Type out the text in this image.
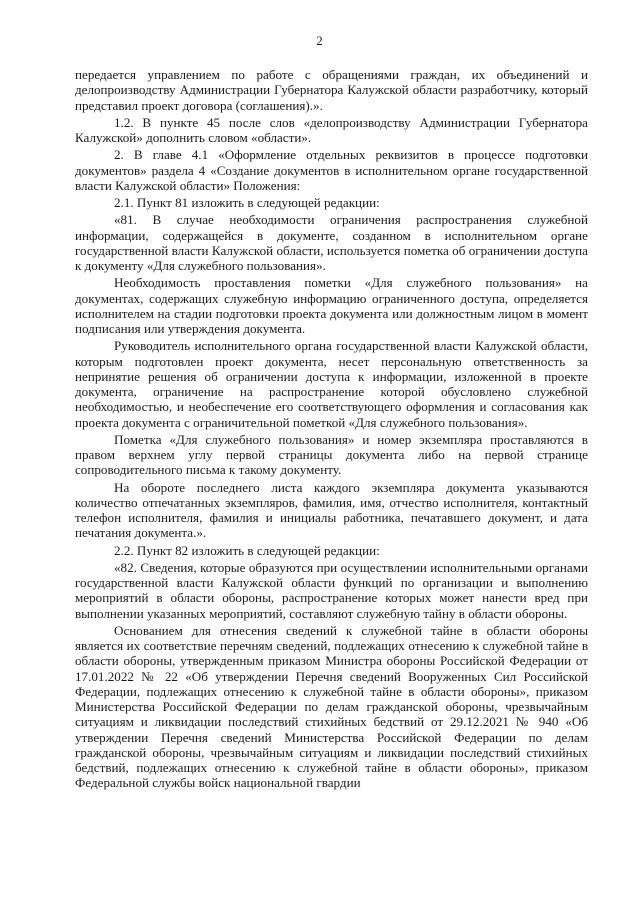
2

передается управлением по работе с обращениями граждан, их объединений и делопроизводству Администрации Губернатора Калужской области разработчику, который представил проект договора (соглашения).».

1.2. В пункте 45 после слов «делопроизводству Администрации Губернатора Калужской» дополнить словом «области».

2. В главе 4.1 «Оформление отдельных реквизитов в процессе подготовки документов» раздела 4 «Создание документов в исполнительном органе государственной власти Калужской области» Положения:

2.1. Пункт 81 изложить в следующей редакции:

«81. В случае необходимости ограничения распространения служебной информации, содержащейся в документе, созданном в исполнительном органе государственной власти Калужской области, используется пометка об ограничении доступа к документу «Для служебного пользования».

Необходимость проставления пометки «Для служебного пользования» на документах, содержащих служебную информацию ограниченного доступа, определяется исполнителем на стадии подготовки проекта документа или должностным лицом в момент подписания или утверждения документа.

Руководитель исполнительного органа государственной власти Калужской области, которым подготовлен проект документа, несет персональную ответственность за непринятие решения об ограничении доступа к информации, изложенной в проекте документа, ограничение на распространение которой обусловлено служебной необходимостью, и необеспечение его соответствующего оформления и согласования как проекта документа с ограничительной пометкой «Для служебного пользования».

Пометка «Для служебного пользования» и номер экземпляра проставляются в правом верхнем углу первой страницы документа либо на первой странице сопроводительного письма к такому документу.

На обороте последнего листа каждого экземпляра документа указываются количество отпечатанных экземпляров, фамилия, имя, отчество исполнителя, контактный телефон исполнителя, фамилия и инициалы работника, печатавшего документ, и дата печатания документа.».

2.2. Пункт 82 изложить в следующей редакции:

«82. Сведения, которые образуются при осуществлении исполнительными органами государственной власти Калужской области функций по организации и выполнению мероприятий в области обороны, распространение которых может нанести вред при выполнении указанных мероприятий, составляют служебную тайну в области обороны.

Основанием для отнесения сведений к служебной тайне в области обороны является их соответствие перечням сведений, подлежащих отнесению к служебной тайне в области обороны, утвержденным приказом Министра обороны Российской Федерации от 17.01.2022 № 22 «Об утверждении Перечня сведений Вооруженных Сил Российской Федерации, подлежащих отнесению к служебной тайне в области обороны», приказом Министерства Российской Федерации по делам гражданской обороны, чрезвычайным ситуациям и ликвидации последствий стихийных бедствий от 29.12.2021 № 940 «Об утверждении Перечня сведений Министерства Российской Федерации по делам гражданской обороны, чрезвычайным ситуациям и ликвидации последствий стихийных бедствий, подлежащих отнесению к служебной тайне в области обороны», приказом Федеральной службы войск национальной гвардии
